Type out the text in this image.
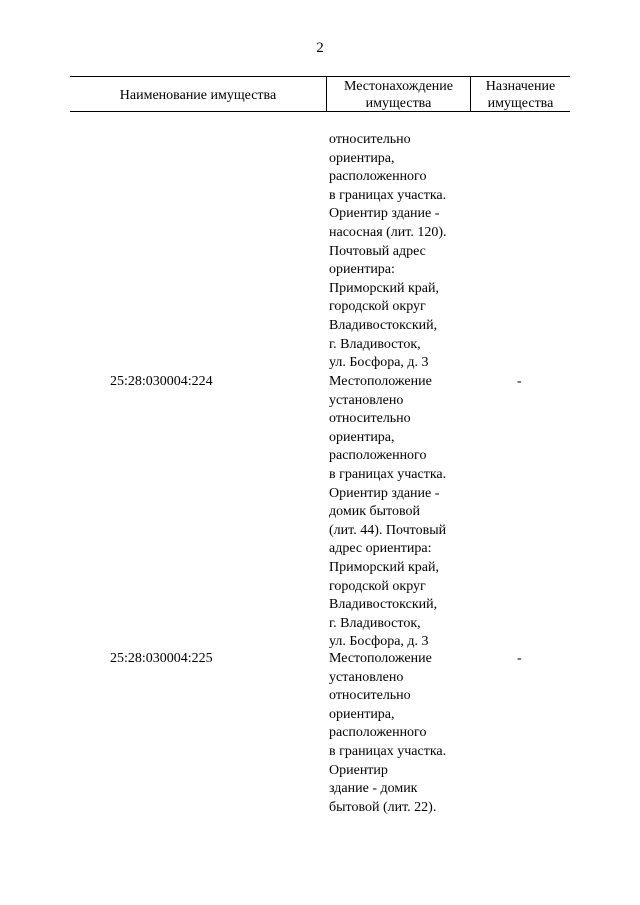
2
Наименование имущества
Местонахождение
имущества
Назначение
имущества
относительно
ориентира,
расположенного
в границах участка.
Ориентир здание -
насосная (лит. 120).
Почтовый адрес
ориентира:
Приморский край,
городской округ
Владивостокский,
г. Владивосток,
ул. Босфора, д. 3
25:28:030004:224	Местоположение
установлено
относительно
ориентира,
расположенного
в границах участка.
Ориентир здание -
домик бытовой
(лит. 44). Почтовый
адрес ориентира:
Приморский край,
городской округ
Владивостокский,
г. Владивосток,
ул. Босфора, д. 3
-
25:28:030004:225	Местоположение
установлено
относительно
ориентира,
расположенного
в границах участка.
Ориентир
здание - домик
бытовой (лит. 22).
-
